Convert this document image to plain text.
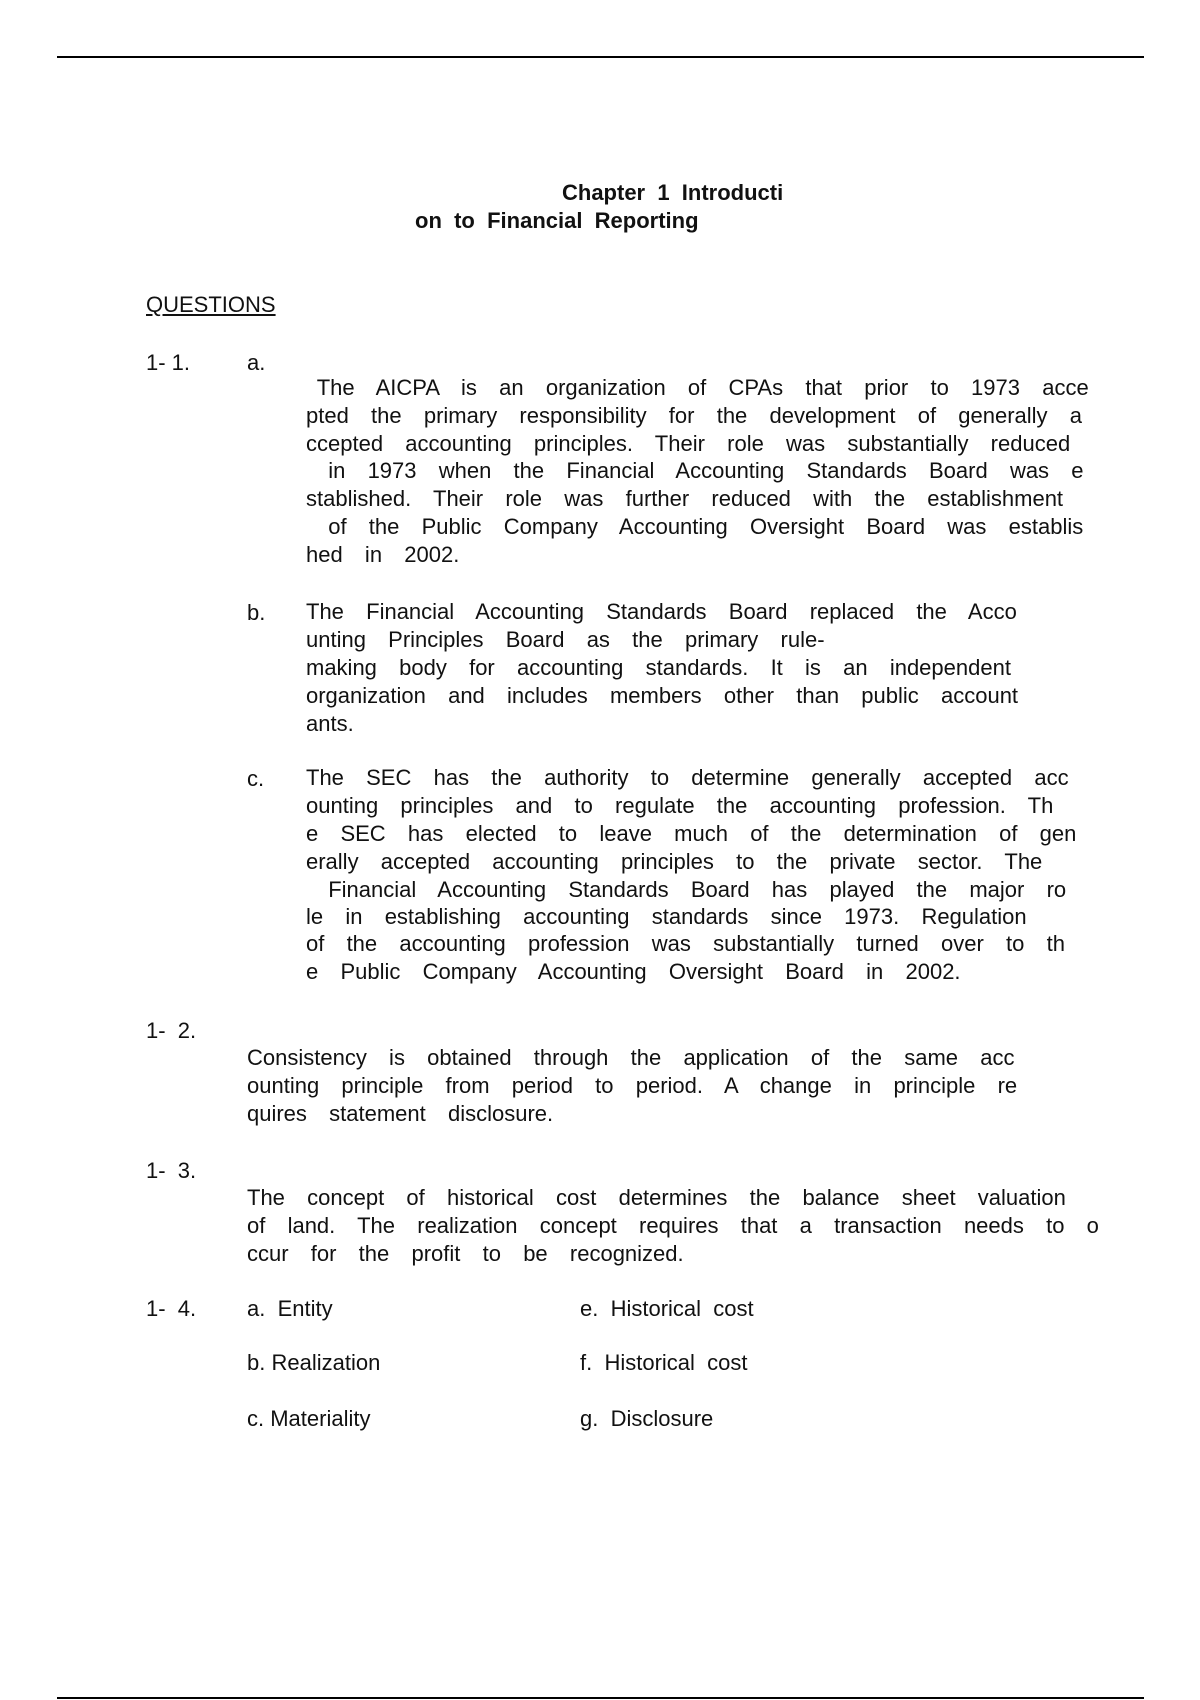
Chapter  1  Introducti
on  to  Financial  Reporting
QUESTIONS
1- 1.	a.
The  AICPA  is  an  organization  of  CPAs  that  prior  to  1973  acce
pted  the  primary  responsibility  for  the  development  of  generally  a
ccepted  accounting  principles.  Their  role  was  substantially  reduced
in  1973  when  the  Financial  Accounting  Standards  Board  was  e
stablished.  Their  role  was  further  reduced  with  the  establishment
of  the  Public  Company  Accounting  Oversight  Board  was  establis
hed  in  2002.
b. The  Financial  Accounting  Standards  Board  replaced  the  Acco
unting  Principles  Board  as  the  primary  rule-
making  body  for  accounting  standards.  It  is  an  independent
organization  and  includes  members  other  than  public  account
ants.
c. The  SEC  has  the  authority  to  determine  generally  accepted  acc
ounting  principles  and  to  regulate  the  accounting  profession.  Th
e  SEC  has  elected  to  leave  much  of  the  determination  of  gen
erally  accepted  accounting  principles  to  the  private  sector.  The
Financial  Accounting  Standards  Board  has  played  the  major  ro
le  in  establishing  accounting  standards  since  1973.  Regulation
of  the  accounting  profession  was  substantially  turned  over  to  th
e  Public  Company  Accounting  Oversight  Board  in  2002.
1-  2.
Consistency  is  obtained  through  the  application  of  the  same  acc
ounting  principle  from  period  to  period.  A  change  in  principle  re
quires  statement  disclosure.
1-  3.
The  concept  of  historical  cost  determines  the  balance  sheet  valuation
of  land.  The  realization  concept  requires  that  a  transaction  needs  to  o
ccur  for  the  profit  to  be  recognized.
1-  4. a.  Entity
b. Realization
c. Materiality
e.  Historical  cost
f.  Historical  cost
g.  Disclosure
